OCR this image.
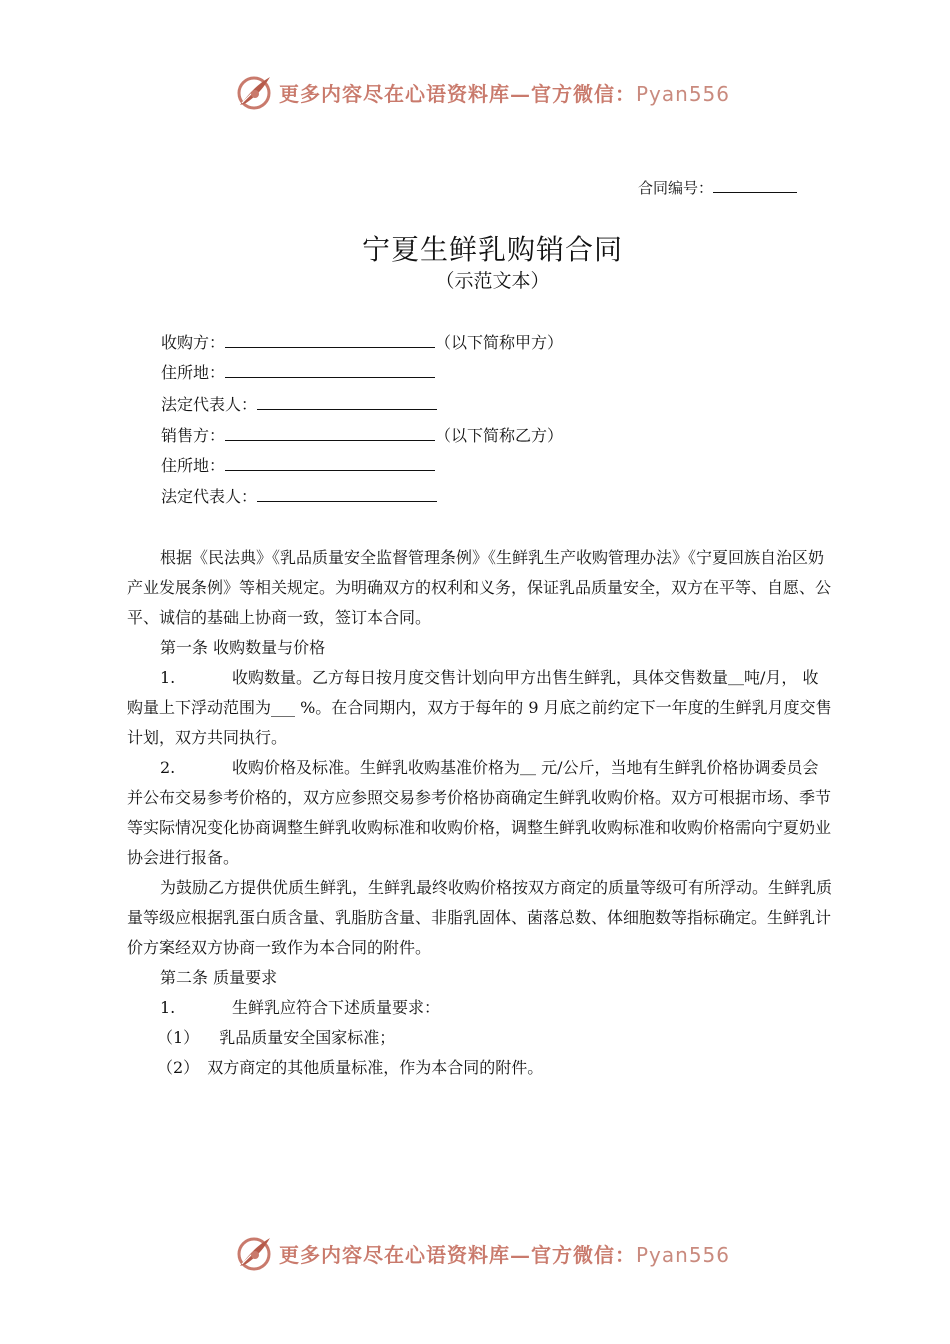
更多内容尽在心语资料库—官方微信：Pyan556
合同编号：
宁夏生鲜乳购销合同
（示范文本）
收购方：	（以下简称甲方）
住所地：
法定代表人：
销售方：	（以下简称乙方）
住所地：
法定代表人：

根据《民法典》《乳品质量安全监督管理条例》《生鲜乳生产收购管理办法》《宁夏回族自治区奶产业发展条例》等相关规定。为明确双方的权利和义务，保证乳品质量安全，双方在平等、自愿、公平、诚信的基础上协商一致，签订本合同。

第一条 收购数量与价格

1.	收购数量。乙方每日按月度交售计划向甲方出售生鲜乳，具体交售数量＿吨/月， 收购量上下浮动范围为___ %。在合同期内，双方于每年的 9 月底之前约定下一年度的生鲜乳月度交售计划，双方共同执行。

2.	收购价格及标准。生鲜乳收购基准价格为＿ 元/公斤，当地有生鲜乳价格协调委员会并公布交易参考价格的，双方应参照交易参考价格协商确定生鲜乳收购价格。双方可根据市场、季节等实际情况变化协商调整生鲜乳收购标准和收购价格，调整生鲜乳收购标准和收购价格需向宁夏奶业协会进行报备。

为鼓励乙方提供优质生鲜乳，生鲜乳最终收购价格按双方商定的质量等级可有所浮动。生鲜乳质量等级应根据乳蛋白质含量、乳脂肪含量、非脂乳固体、菌落总数、体细胞数等指标确定。生鲜乳计价方案经双方协商一致作为本合同的附件。

第二条 质量要求

1.	生鲜乳应符合下述质量要求：

（1） 乳品质量安全国家标准；

（2） 双方商定的其他质量标准，作为本合同的附件。

更多内容尽在心语资料库—官方微信：Pyan556
